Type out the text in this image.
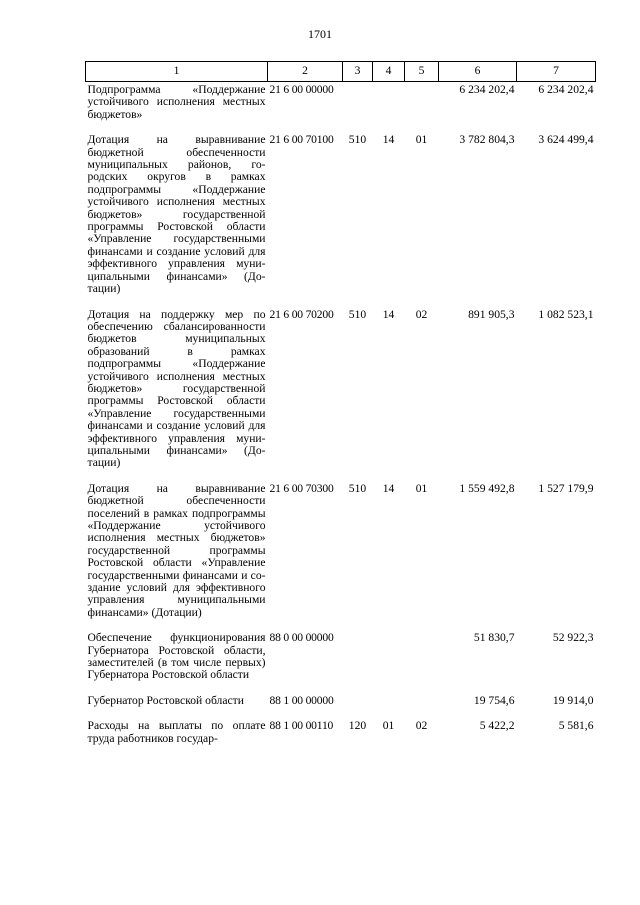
1701
1	2	3	4	5	6	7
Подпрограмма «Поддержание устойчивого исполнения местных бюджетов»	21 6 00 00000				6 234 202,4	6 234 202,4
Дотация на выравнивание бюджетной обеспеченности муниципальных районов, городских округов в рамках подпрограммы «Поддержание устойчивого исполнения местных бюджетов» государственной программы Ростовской области «Управление государственными финансами и создание условий для эффективного управления муниципальными финансами» (Дотации)	21 6 00 70100	510	14	01	3 782 804,3	3 624 499,4
Дотация на поддержку мер по обеспечению сбалансированности бюджетов муниципальных образований в рамках подпрограммы «Поддержание устойчивого исполнения местных бюджетов» государственной программы Ростовской области «Управление государственными финансами и создание условий для эффективного управления муниципальными финансами» (Дотации)	21 6 00 70200	510	14	02	891 905,3	1 082 523,1
Дотация на выравнивание бюджетной обеспеченности поселений в рамках подпрограммы «Поддержание устойчивого исполнения местных бюджетов» государственной программы Ростовской области «Управление государственными финансами и создание условий для эффективного управления муниципальными финансами» (Дотации)	21 6 00 70300	510	14	01	1 559 492,8	1 527 179,9
Обеспечение функционирования Губернатора Ростовской области, заместителей (в том числе первых) Губернатора Ростовской области	88 0 00 00000				51 830,7	52 922,3
Губернатор Ростовской области	88 1 00 00000				19 754,6	19 914,0
Расходы на выплаты по оплате труда работников государ-	88 1 00 00110	120	01	02	5 422,2	5 581,6
